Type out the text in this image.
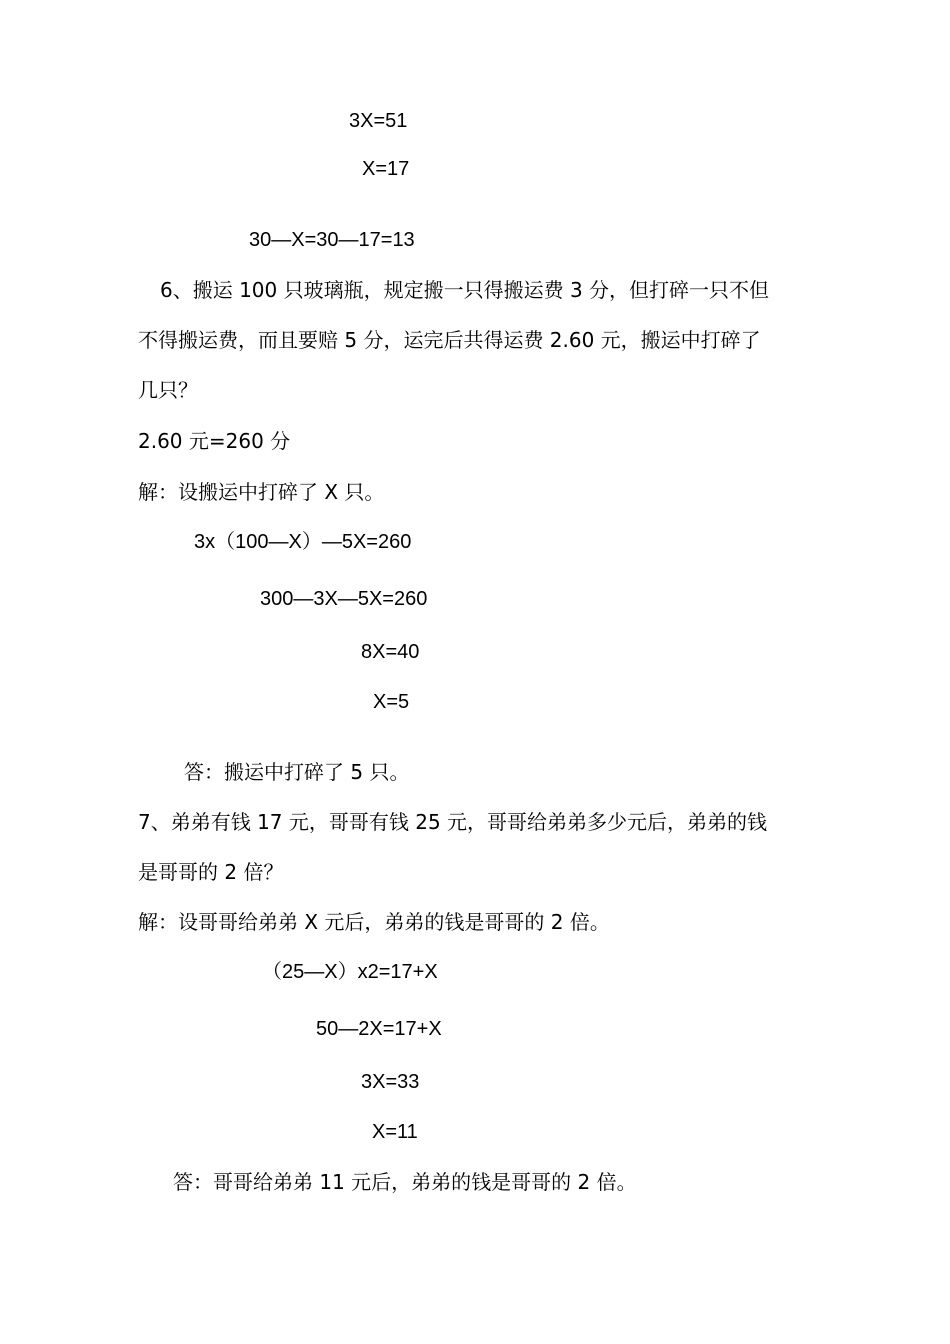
3X=51
X=17
30—X=30—17=13
6、搬运 100 只玻璃瓶，规定搬一只得搬运费 3 分，但打碎一只不但
不得搬运费，而且要赔 5 分，运完后共得运费 2.60 元，搬运中打碎了
几只？
2.60 元=260 分
解：设搬运中打碎了 X 只。
3x（100—X）—5X=260
300—3X—5X=260
8X=40
X=5
答：搬运中打碎了 5 只。
7、弟弟有钱 17 元，哥哥有钱 25 元，哥哥给弟弟多少元后，弟弟的钱
是哥哥的 2 倍？
解：设哥哥给弟弟 X 元后，弟弟的钱是哥哥的 2 倍。
（25—X）x2=17+X
50—2X=17+X
3X=33
X=11
答：哥哥给弟弟 11 元后，弟弟的钱是哥哥的 2 倍。
